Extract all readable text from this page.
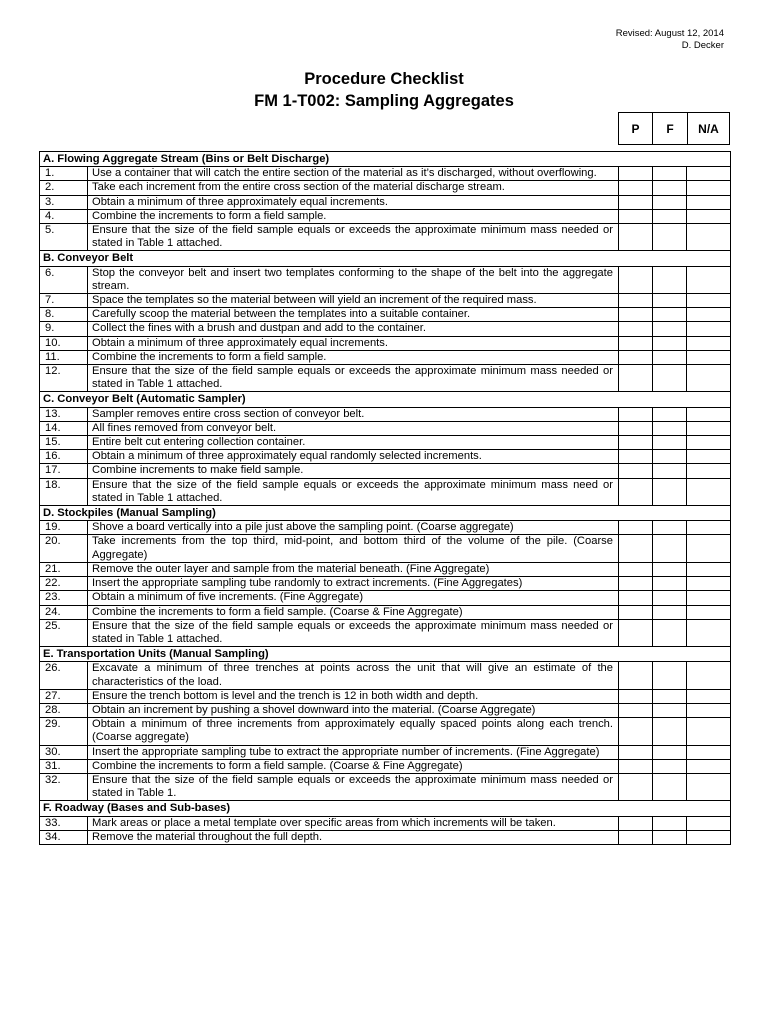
Revised: August 12, 2014
D. Decker
Procedure Checklist
FM 1-T002: Sampling Aggregates
P	F	N/A
A. Flowing Aggregate Stream (Bins or Belt Discharge)				
1.	Use a container that will catch the entire section of the material as it’s discharged, without overflowing.			
2.	Take each increment from the entire cross section of the material discharge stream.			
3.	Obtain a minimum of three approximately equal increments.			
4.	Combine the increments to form a field sample.			
5.	Ensure that the size of the field sample equals or exceeds the approximate minimum mass needed or stated in Table 1 attached.			
B. Conveyor Belt				
6.	Stop the conveyor belt and insert two templates conforming to the shape of the belt into the aggregate stream.			
7.	Space the templates so the material between will yield an increment of the required mass.			
8.	Carefully scoop the material between the templates into a suitable container.			
9.	Collect the fines with a brush and dustpan and add to the container.			
10.	Obtain a minimum of three approximately equal increments.			
11.	Combine the increments to form a field sample.			
12.	Ensure that the size of the field sample equals or exceeds the approximate minimum mass needed or stated in Table 1 attached.			
C. Conveyor Belt (Automatic Sampler)				
13.	Sampler removes entire cross section of conveyor belt.			
14.	All fines removed from conveyor belt.			
15.	Entire belt cut entering collection container.			
16.	Obtain a minimum of three approximately equal randomly selected increments.			
17.	Combine increments to make field sample.			
18.	Ensure that the size of the field sample equals or exceeds the approximate minimum mass need or stated in Table 1 attached.			
D. Stockpiles (Manual Sampling)				
19.	Shove a board vertically into a pile just above the sampling point. (Coarse aggregate)			
20.	Take increments from the top third, mid-point, and bottom third of the volume of the pile. (Coarse Aggregate)			
21.	Remove the outer layer and sample from the material beneath. (Fine Aggregate)			
22.	Insert the appropriate sampling tube randomly to extract increments. (Fine Aggregates)			
23.	Obtain a minimum of five increments. (Fine Aggregate)			
24.	Combine the increments to form a field sample. (Coarse & Fine Aggregate)			
25.	Ensure that the size of the field sample equals or exceeds the approximate minimum mass needed or stated in Table 1 attached.			
E. Transportation Units (Manual Sampling)				
26.	Excavate a minimum of three trenches at points across the unit that will give an estimate of the characteristics of the load.			
27.	Ensure the trench bottom is level and the trench is 12 in both width and depth.			
28.	Obtain an increment by pushing a shovel downward into the material. (Coarse Aggregate)			
29.	Obtain a minimum of three increments from approximately equally spaced points along each trench. (Coarse aggregate)			
30.	Insert the appropriate sampling tube to extract the appropriate number of increments. (Fine Aggregate)			
31.	Combine the increments to form a field sample. (Coarse & Fine Aggregate)			
32.	Ensure that the size of the field sample equals or exceeds the approximate minimum mass needed or stated in Table 1.			
F. Roadway (Bases and Sub-bases)				
33.	Mark areas or place a metal template over specific areas from which increments will be taken.			
34.	Remove the material throughout the full depth.			
